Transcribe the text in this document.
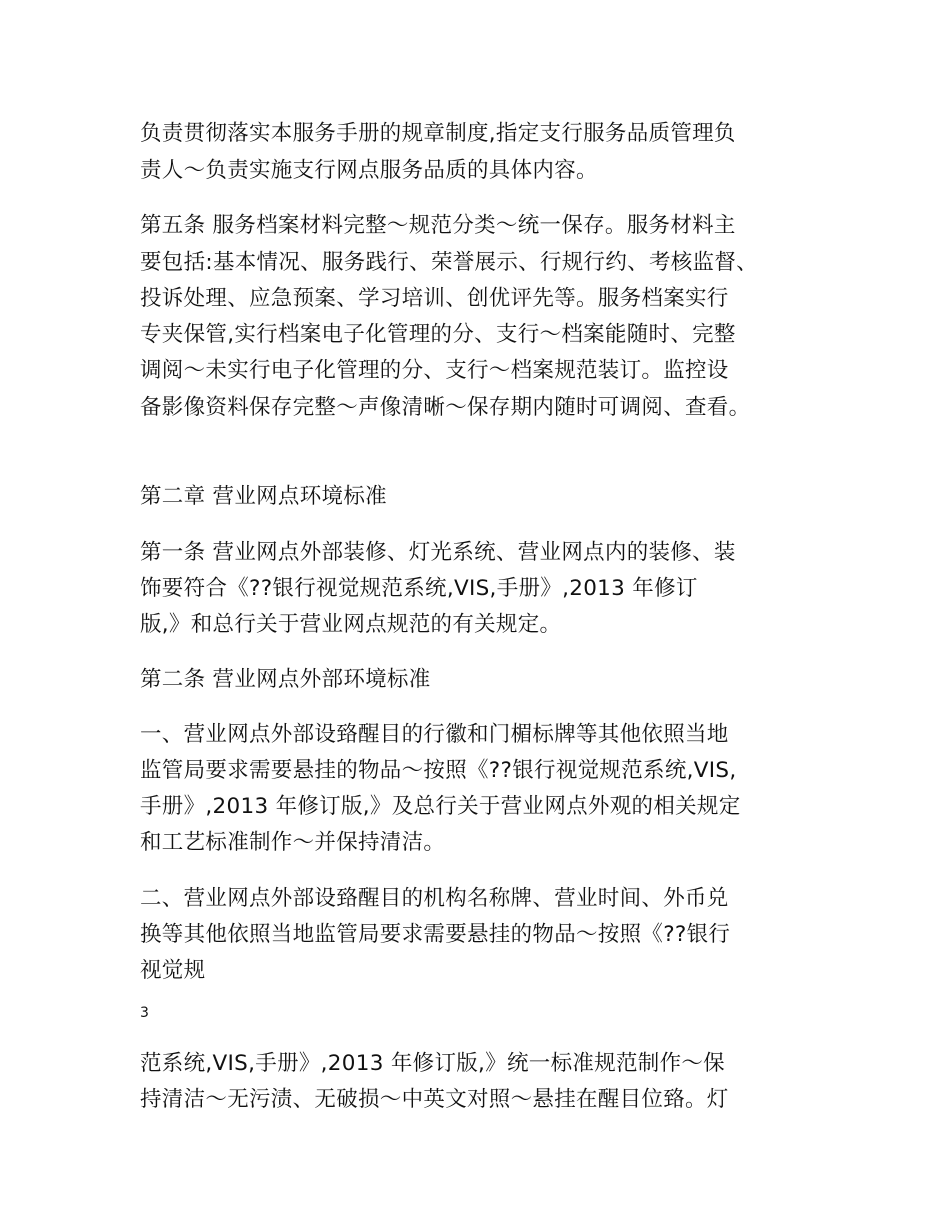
负责贯彻落实本服务手册的规章制度,指定支行服务品质管理负
责人～负责实施支行网点服务品质的具体内容。
第五条 服务档案材料完整～规范分类～统一保存。服务材料主
要包括:基本情况、服务践行、荣誉展示、行规行约、考核监督、
投诉处理、应急预案、学习培训、创优评先等。服务档案实行
专夹保管,实行档案电子化管理的分、支行～档案能随时、完整
调阅～未实行电子化管理的分、支行～档案规范装订。监控设
备影像资料保存完整～声像清晰～保存期内随时可调阅、查看。
第二章 营业网点环境标准
第一条 营业网点外部装修、灯光系统、营业网点内的装修、装
饰要符合《??银行视觉规范系统,VIS,手册》,2013 年修订
版,》和总行关于营业网点规范的有关规定。
第二条 营业网点外部环境标准
一、营业网点外部设臵醒目的行徽和门楣标牌等其他依照当地
监管局要求需要悬挂的物品～按照《??银行视觉规范系统,VIS,
手册》,2013 年修订版,》及总行关于营业网点外观的相关规定
和工艺标准制作～并保持清洁。
二、营业网点外部设臵醒目的机构名称牌、营业时间、外币兑
换等其他依照当地监管局要求需要悬挂的物品～按照《??银行
视觉规
3
范系统,VIS,手册》,2013 年修订版,》统一标准规范制作～保
持清洁～无污渍、无破损～中英文对照～悬挂在醒目位臵。灯
